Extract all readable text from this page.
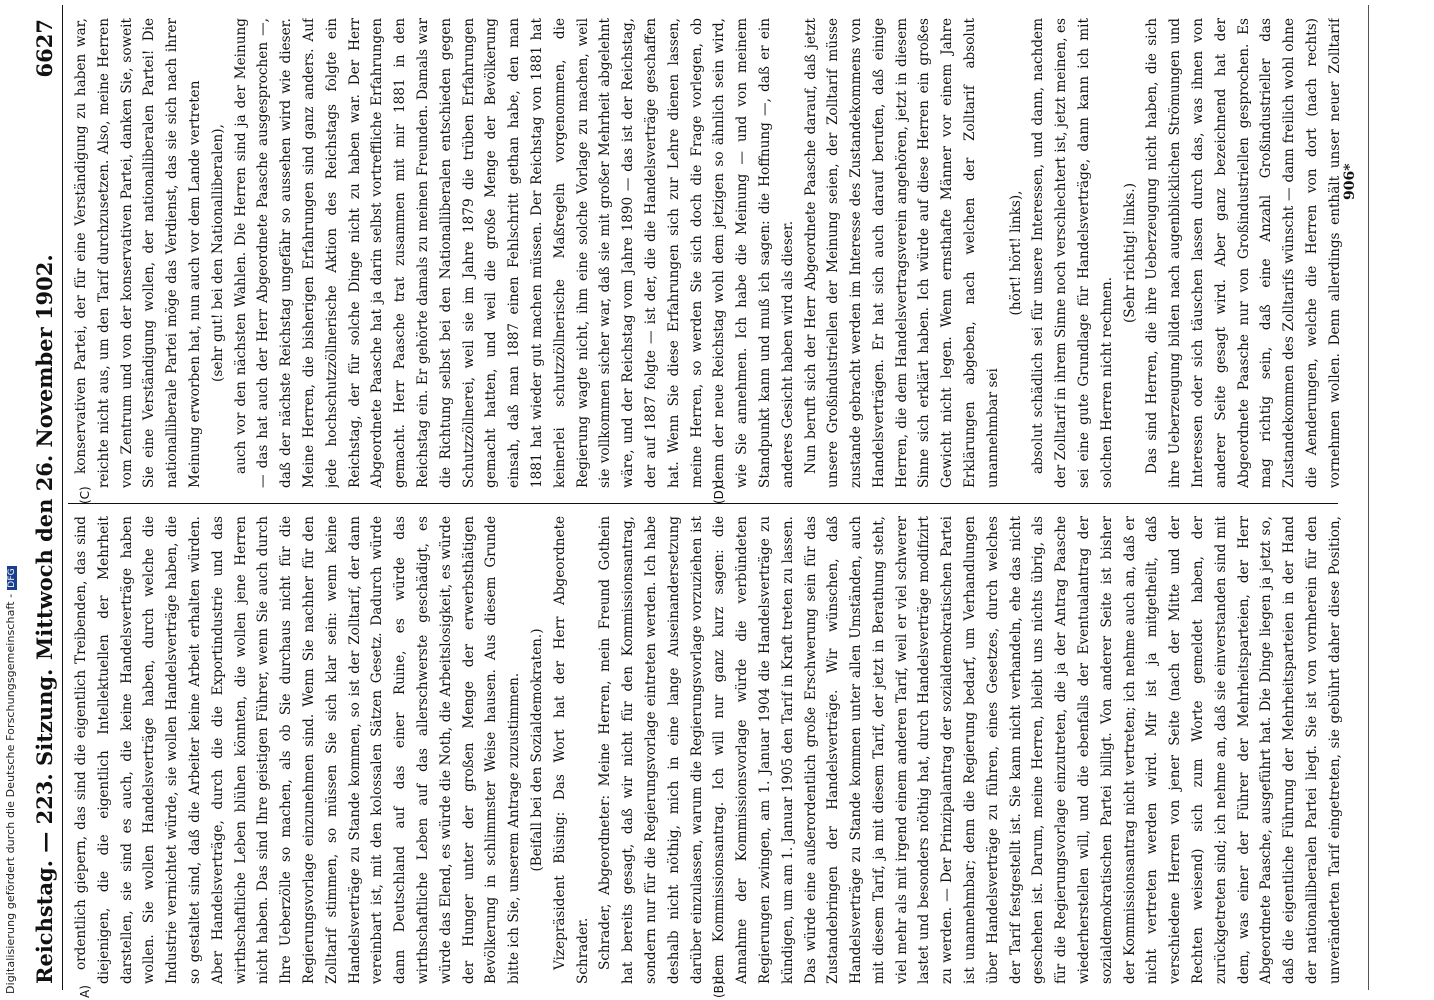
Digitalisierung gefördert durch die Deutsche Forschungsgemeinschaft -DFG
Reichstag. — 223. Sitzung.
Mittwoch den 26. November 1902.
6627
A)	(B)
(C)	(D)

ordentlich giepern, das sind die eigentlich Treibenden, das sind diejenigen, die die eigentlich Intellektuellen der Mehrheit darstellen, sie sind es auch, die keine Handelsverträge haben wollen. Sie wollen Handelsverträge haben, durch welche die Industrie vernichtet würde, sie wollen Handelsverträge haben, die so gestaltet sind, daß die Arbeiter keine Arbeit erhalten würden. Aber Handelsverträge, durch die die Exportindustrie und das wirthschaftliche Leben blühen könnten, die wollen jene Herren nicht haben. Das sind Ihre geistigen Führer, wenn Sie auch durch Ihre Ueberzölle so machen, als ob Sie durchaus nicht für die Regierungsvorlage einzunehmen sind. Wenn Sie nachher für den Zolltarif stimmen, so müssen Sie sich klar sein: wenn keine Handelsverträge zu Stande kommen, so ist der Zolltarif, der dann vereinbart ist, mit den kolossalen Sätzen Gesetz. Dadurch würde dann Deutschland auf das einer Ruine, es würde das wirthschaftliche Leben auf das allerschwerste geschädigt, es würde das Elend, es würde die Noth, die Arbeitslosigkeit, es würde der Hunger unter der großen Menge der erwerbsthätigen Bevölkerung in schlimmster Weise hausen. Aus diesem Grunde bitte ich Sie, unserem Antrage zuzustimmen. (Beifall bei den Sozialdemokraten.) Vizepräsident Büsing: Das Wort hat der Herr Abgeordnete Schrader. Schrader, Abgeordneter: Meine Herren, mein Freund Gothein hat bereits gesagt, daß wir nicht für den Kommissionsantrag, sondern nur für die Regierungsvorlage eintreten werden. Ich habe deshalb nicht nöthig, mich in eine lange Auseinandersetzung darüber einzulassen, warum die Regierungsvorlage vorzuziehen ist dem Kommissionsantrag. Ich will nur ganz kurz sagen: die Annahme der Kommissionsvorlage würde die verbündeten Regierungen zwingen, am 1. Januar 1904 die Handelsverträge zu kündigen, um am 1. Januar 1905 den Tarif in Kraft treten zu lassen. Das würde eine außerordentlich große Erschwerung sein für das Zustandebringen der Handelsverträge. Wir wünschen, daß Handelsverträge zu Stande kommen unter allen Umständen, auch mit diesem Tarif, ja mit diesem Tarif, der jetzt in Berathung steht, viel mehr als mit irgend einem anderen Tarif, weil er viel schwerer lastet und besonders nöthig hat, durch Handelsverträge modifizirt zu werden. — Der Prinzipalantrag der sozialdemokratischen Partei ist unannehmbar; denn die Regierung bedarf, um Verhandlungen über Handelsverträge zu führen, eines Gesetzes, durch welches der Tarif festgestellt ist. Sie kann nicht verhandeln, ehe das nicht geschehen ist. Darum, meine Herren, bleibt uns nichts übrig, als für die Regierungsvorlage einzutreten, die ja der Antrag Paasche wiederherstellen will, und die ebenfalls der Eventualantrag der sozialdemokratischen Partei billigt. Von anderer Seite ist bisher der Kommissionsantrag nicht vertreten; ich nehme auch an, daß er nicht vertreten werden wird. Mir ist ja mitgetheilt, daß verschiedene Herren von jener Seite (nach der Mitte und der Rechten weisend) sich zum Worte gemeldet haben, der zurückgetreten sind; ich nehme an, daß sie einverstanden sind mit dem, was einer der Führer der Mehrheitsparteien, der Herr Abgeordnete Paasche, ausgeführt hat. Die Dinge liegen ja jetzt so, daß die eigentliche Führung der Mehrheitsparteien in der Hand der nationalliberalen Partei liegt. Sie ist von vornherein für den unveränderten Tarif eingetreten, sie gebührt daher diese Position,

konservativen Partei, der für eine Verständigung zu haben war, reichte nicht aus, um den Tarif durchzusetzen. Also, meine Herren vom Zentrum und von der konservativen Partei, danken Sie, soweit Sie eine Verständigung wollen, der nationalliberalen Partei! Die nationalliberale Partei möge das Verdienst, das sie sich nach ihrer Meinung erworben hat, nun auch vor dem Lande vertreten (sehr gut! bei den Nationalliberalen), auch vor den nächsten Wahlen. Die Herren sind ja der Meinung — das hat auch der Herr Abgeordnete Paasche ausgesprochen —, daß der nächste Reichstag ungefähr so aussehen wird wie dieser. Meine Herren, die bisherigen Erfahrungen sind ganz anders. Auf jede hochschutzzöllnerische Aktion des Reichstags folgte ein Reichstag, der für solche Dinge nicht zu haben war. Der Herr Abgeordnete Paasche hat ja darin selbst vortreffliche Erfahrungen gemacht. Herr Paasche trat zusammen mit mir 1881 in den Reichstag ein. Er gehörte damals zu meinen Freunden. Damals war die Richtung selbst bei den Nationalliberalen entschieden gegen Schutzzöllnerei, weil sie im Jahre 1879 die trüben Erfahrungen gemacht hatten, und weil die große Menge der Bevölkerung einsah, daß man 1887 einen Fehlschritt gethan habe, den man 1881 hat wieder gut machen müssen. Der Reichstag von 1881 hat keinerlei schutzzöllnerische Maßregeln vorgenommen, die Regierung wagte nicht, ihm eine solche Vorlage zu machen, weil sie vollkommen sicher war, daß sie mit großer Mehrheit abgelehnt wäre, und der Reichstag vom Jahre 1890 — das ist der Reichstag, der auf 1887 folgte — ist der, die die Handelsverträge geschaffen hat. Wenn Sie diese Erfahrungen sich zur Lehre dienen lassen, meine Herren, so werden Sie sich doch die Frage vorlegen, ob denn der neue Reichstag wohl dem jetzigen so ähnlich sein wird, wie Sie annehmen. Ich habe die Meinung — und von meinem Standpunkt kann und muß ich sagen: die Hoffnung —, daß er ein anderes Gesicht haben wird als dieser. Nun beruft sich der Herr Abgeordnete Paasche darauf, daß jetzt unsere Großindustriellen der Meinung seien, der Zolltarif müsse zustande gebracht werden im Interesse des Zustandekommens von Handelsverträgen. Er hat sich auch darauf berufen, daß einige Herren, die dem Handelsvertragsverein angehören, jetzt in diesem Sinne sich erklärt haben. Ich würde auf diese Herren ein großes Gewicht nicht legen. Wenn ernsthafte Männer vor einem Jahre Erklärungen abgeben, nach welchen der Zolltarif absolut unannehmbar sei

(hört! hört! links), absolut schädlich sei für unsere Interessen, und dann, nachdem der Zolltarif in ihrem Sinne noch verschlechtert ist, jetzt meinen, es sei eine gute Grundlage für Handelsverträge, dann kann ich mit solchen Herren nicht rechnen.

(Sehr richtig! links.)

Das sind Herren, die ihre Ueberzeugung nicht haben, die sich ihre Ueberzeugung bilden nach augenblicklichen Strömungen und Interessen oder sich täuschen lassen durch das, was ihnen von anderer Seite gesagt wird. Aber ganz bezeichnend hat der Abgeordnete Paasche nur von Großindustriellen gesprochen. Es mag richtig sein, daß eine Anzahl Großindustrieller das Zustandekommen des Zolltarifs wünscht — dann freilich wohl ohne die Aenderungen, welche die Herren von dort (nach rechts) vornehmen wollen. Denn allerdings enthält unser neuer Zolltarif

906*
